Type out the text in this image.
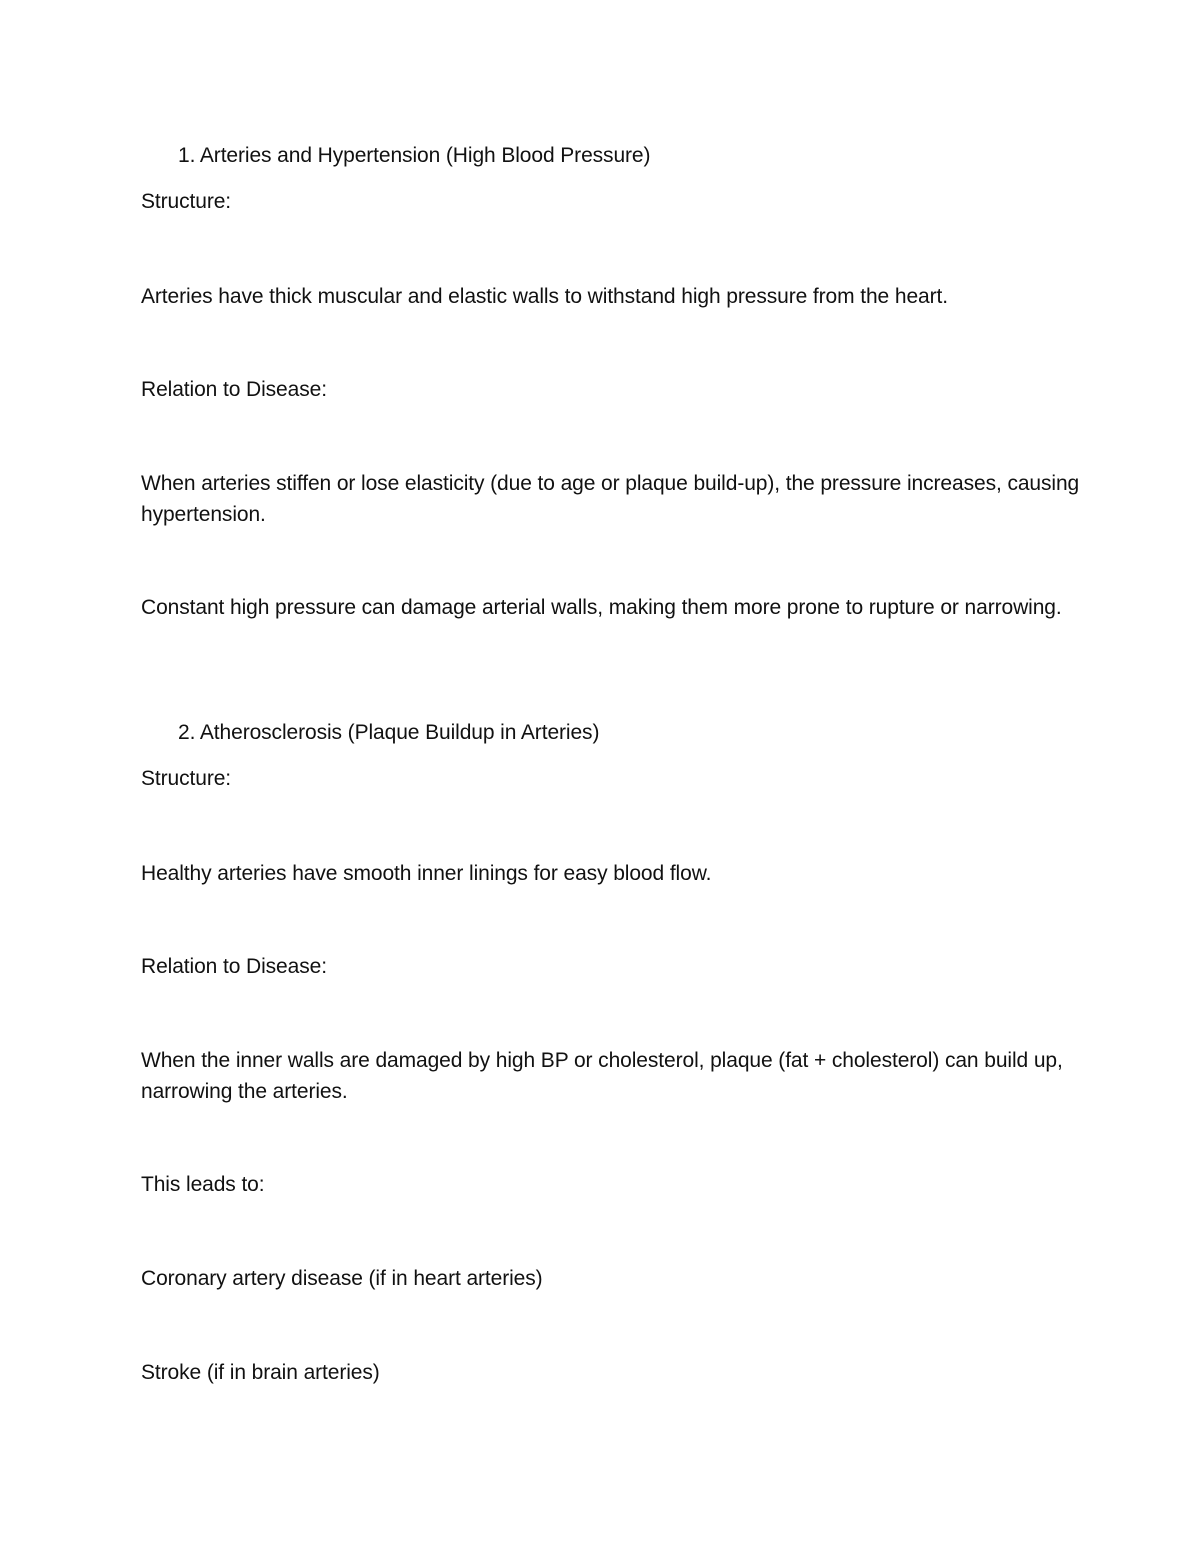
1. Arteries and Hypertension (High Blood Pressure)
Structure:
Arteries have thick muscular and elastic walls to withstand high pressure from the heart.
Relation to Disease:
When arteries stiffen or lose elasticity (due to age or plaque build-up), the pressure increases, causing hypertension.
Constant high pressure can damage arterial walls, making them more prone to rupture or narrowing.
2. Atherosclerosis (Plaque Buildup in Arteries)
Structure:
Healthy arteries have smooth inner linings for easy blood flow.
Relation to Disease:
When the inner walls are damaged by high BP or cholesterol, plaque (fat + cholesterol) can build up, narrowing the arteries.
This leads to:
Coronary artery disease (if in heart arteries)
Stroke (if in brain arteries)
